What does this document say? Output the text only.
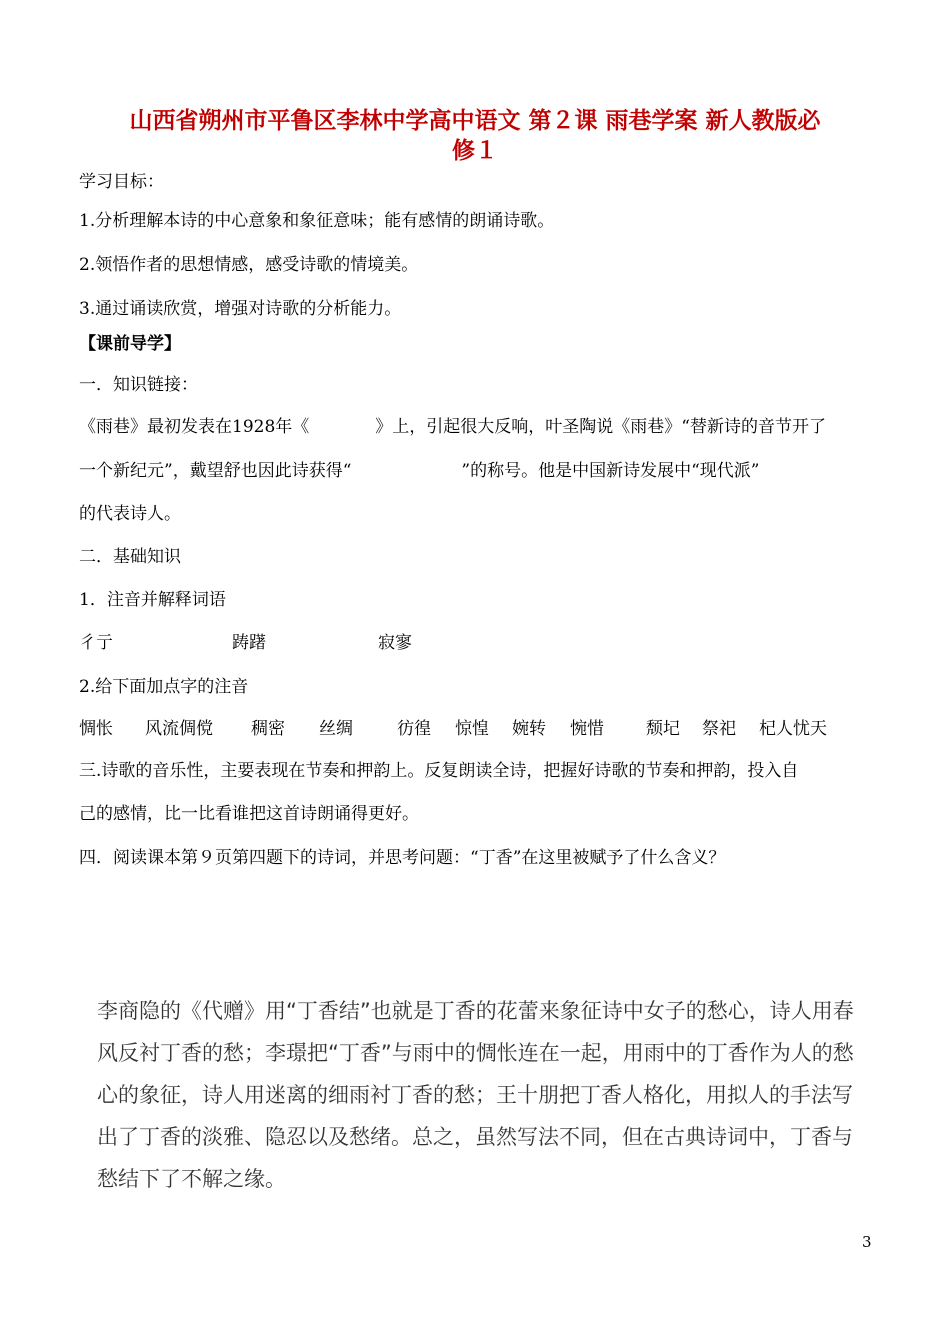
山西省朔州市平鲁区李林中学高中语文 第２课 雨巷学案 新人教版必
修１
学习目标：
1.分析理解本诗的中心意象和象征意味；能有感情的朗诵诗歌。
2.领悟作者的思想情感，感受诗歌的情境美。
3.通过诵读欣赏，增强对诗歌的分析能力。
【课前导学】
一．知识链接：
《雨巷》最初发表在1928年《	》上，引起很大反响，叶圣陶说《雨巷》“替新诗的音节开了
一个新纪元”，戴望舒也因此诗获得“	”的称号。他是中国新诗发展中“现代派”
的代表诗人。
二．基础知识
1．注音并解释词语
彳亍	踌躇	寂寥
2.给下面加点字的注音
惆怅 风流倜傥 稠密 丝绸	彷徨 惊惶 婉转 惋惜 颓圮 祭祀 杞人忧天
三.诗歌的音乐性，主要表现在节奏和押韵上。反复朗读全诗，把握好诗歌的节奏和押韵，投入自
己的感情，比一比看谁把这首诗朗诵得更好。
四．阅读课本第９页第四题下的诗词，并思考问题：“丁香”在这里被赋予了什么含义？

李商隐的《代赠》用“丁香结”也就是丁香的花蕾来象征诗中女子的愁心，诗人用春

风反衬丁香的愁；李璟把“丁香”与雨中的惆怅连在一起，用雨中的丁香作为人的愁

心的象征，诗人用迷离的细雨衬丁香的愁；王十朋把丁香人格化，用拟人的手法写

出了丁香的淡雅、隐忍以及愁绪。总之，虽然写法不同，但在古典诗词中，丁香与

愁结下了不解之缘。

3
